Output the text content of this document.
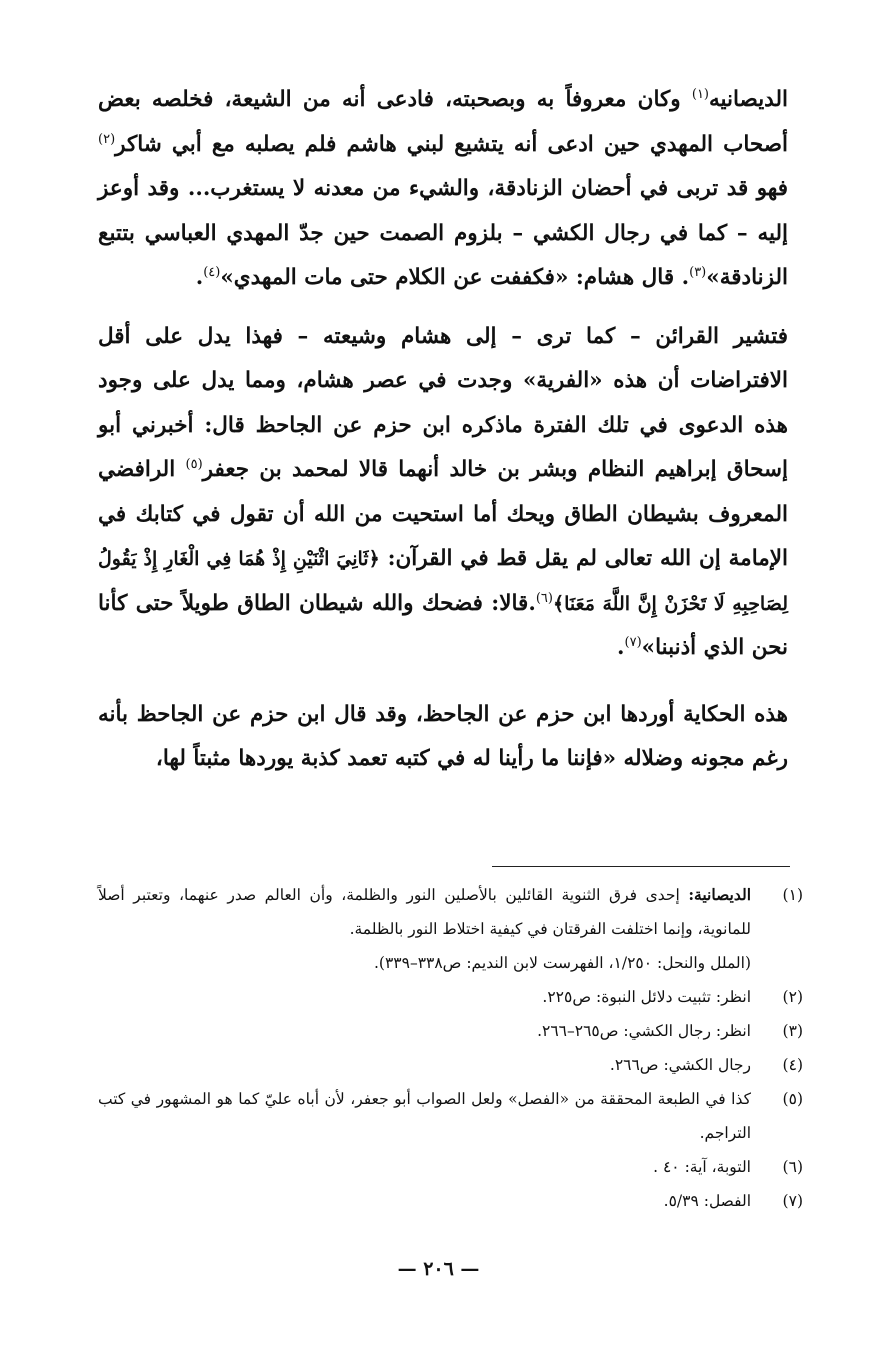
الديصانيه$^{(١)}$ وكان معروفاً به وبصحبته، فادعى أنه من الشيعة، فخلصه بعض أصحاب المهدي حين ادعى أنه يتشيع لبني هاشم فلم يصلبه مع أبي شاكر$^{(٢)}$ فهو قد تربى في أحضان الزنادقة، والشيء من معدنه لا يستغرب... وقد أوعز إليه – كما في رجال الكشي – بلزوم الصمت حين جدّ المهدي العباسي بتتبع الزنادقة»$^{(٣)}$. قال هشام: «فكففت عن الكلام حتى مات المهدي»$^{(٤)}$.

فتشير القرائن – كما ترى – إلى هشام وشيعته – فهذا يدل على أقل الافتراضات أن هذه «الفرية» وجدت في عصر هشام، ومما يدل على وجود هذه الدعوى في تلك الفترة ماذكره ابن حزم عن الجاحظ قال: أخبرني أبو إسحاق إبراهيم النظام وبشر بن خالد أنهما قالا لمحمد بن جعفر$^{(٥)}$ الرافضي المعروف بشيطان الطاق ويحك أما استحيت من الله أن تقول في كتابك في الإمامة إن الله تعالى لم يقل قط في القرآن: ﴿ثَانِيَ اثْنَيْنِ إِذْ هُمَا فِي الْغَارِ إِذْ يَقُولُ لِصَاحِبِهِ لَا تَحْزَنْ إِنَّ اللَّهَ مَعَنَا﴾$^{(٦)}$.قالا: فضحك والله شيطان الطاق طويلاً حتى كأنا نحن الذي أذنبنا»$^{(٧)}$.

هذه الحكاية أوردها ابن حزم عن الجاحظ، وقد قال ابن حزم عن الجاحظ بأنه رغم مجونه وضلاله «فإننا ما رأينا له في كتبه تعمد كذبة يوردها مثبتاً لها،

(١)
الديصانية: إحدى فرق الثنوية القائلين بالأصلين النور والظلمة، وأن العالم صدر عنهما، وتعتبر أصلاً للمانوية، وإنما اختلفت الفرقتان في كيفية اختلاط النور بالظلمة.
(الملل والنحل: ١/٢٥٠، الفهرست لابن النديم: ص٣٣٨–٣٣٩).
(٢)
انظر: تثبيت دلائل النبوة: ص٢٢٥.
(٣)
انظر: رجال الكشي: ص٢٦٥–٢٦٦.
(٤)
رجال الكشي: ص٢٦٦.
(٥)
كذا في الطبعة المحققة من «الفصل» ولعل الصواب أبو جعفر، لأن أباه عليّ كما هو المشهور في كتب التراجم.
(٦)
التوبة، آية: ٤٠ .
(٧)
الفصل: ٥/٣٩.
— ٢٠٦ —
